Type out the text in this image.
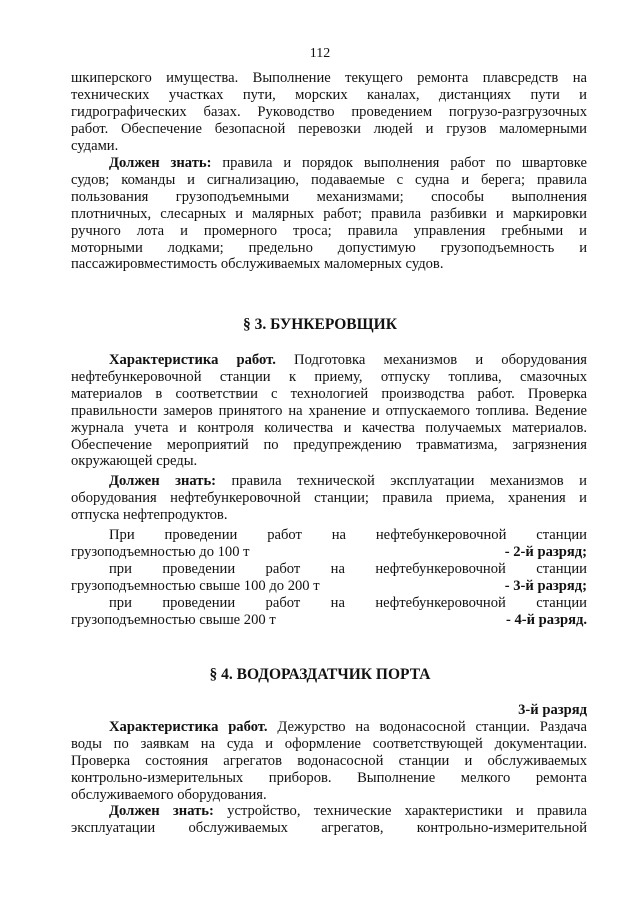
112
шкиперского имущества. Выполнение текущего ремонта плавсредств на
технических участках пути, морских каналах, дистанциях пути и
гидрографических базах. Руководство проведением погрузо-разгрузочных
работ. Обеспечение безопасной перевозки людей и грузов маломерными
судами.
Должен знать: правила и порядок выполнения работ по швартовке
судов; команды и сигнализацию, подаваемые с судна и берега; правила
пользования грузоподъемными механизмами; способы выполнения
плотничных, слесарных и малярных работ; правила разбивки и маркировки
ручного лота и промерного троса; правила управления гребными и
моторными лодками; предельно допустимую грузоподъемность и
пассажировместимость обслуживаемых маломерных судов.
§ 3. БУНКЕРОВЩИК
Характеристика работ. Подготовка механизмов и оборудования
нефтебункеровочной станции к приему, отпуску топлива, смазочных
материалов в соответствии с технологией производства работ. Проверка
правильности замеров принятого на хранение и отпускаемого топлива. Ведение
журнала учета и контроля количества и качества получаемых материалов.
Обеспечение мероприятий по предупреждению травматизма, загрязнения
окружающей среды.
Должен знать: правила технической эксплуатации механизмов и
оборудования нефтебункеровочной станции; правила приема, хранения и
отпуска нефтепродуктов.
При проведении работ на нефтебункеровочной станции
грузоподъемностью до 100 т	- 2-й разряд;
при проведении работ на нефтебункеровочной станции
грузоподъемностью свыше 100 до 200 т	- 3-й разряд;
при проведении работ на нефтебункеровочной станции
грузоподъемностью свыше 200 т	- 4-й разряд.
§ 4. ВОДОРАЗДАТЧИК ПОРТА
3-й разряд
Характеристика работ. Дежурство на водонасосной станции. Раздача
воды по заявкам на суда и оформление соответствующей документации.
Проверка состояния агрегатов водонасосной станции и обслуживаемых
контрольно-измерительных приборов. Выполнение мелкого ремонта
обслуживаемого оборудования.
Должен знать: устройство, технические характеристики и правила
эксплуатации обслуживаемых агрегатов, контрольно-измерительной
